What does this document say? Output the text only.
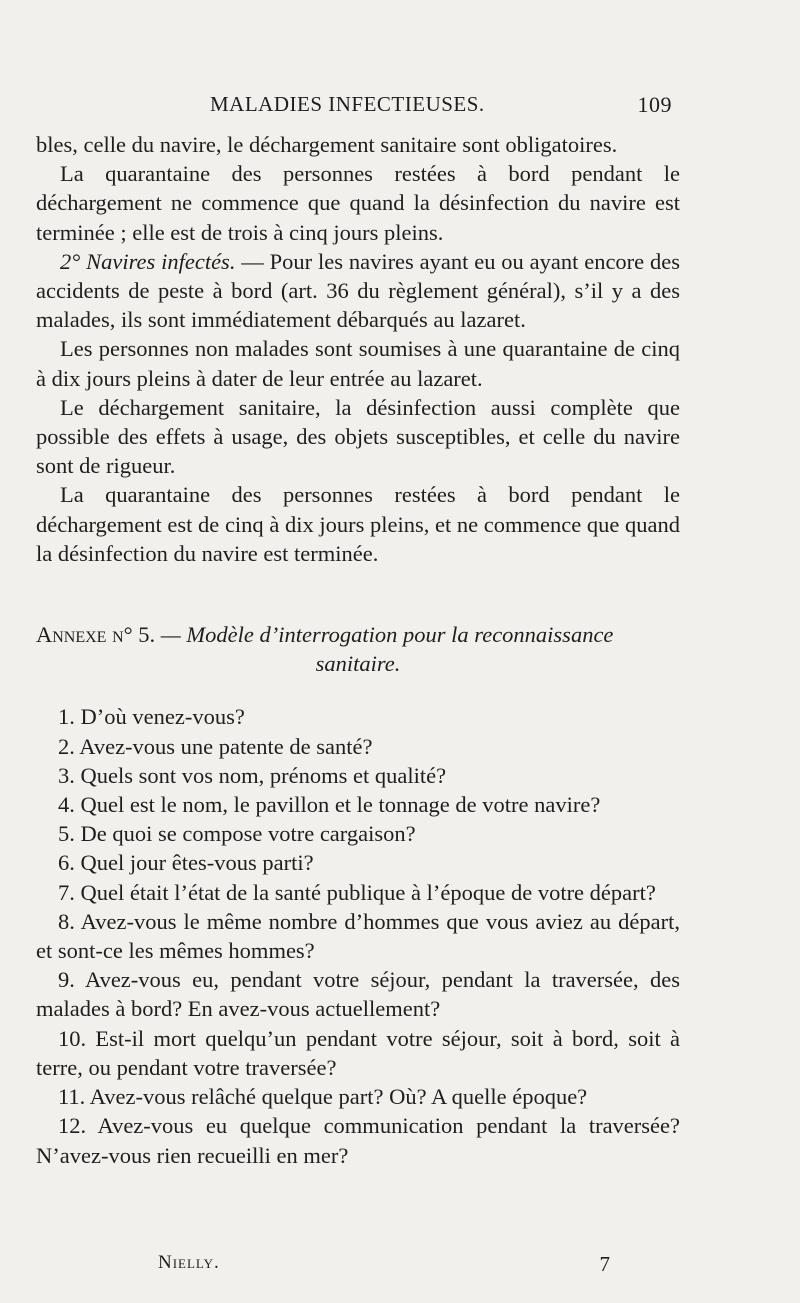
MALADIES INFECTIEUSES.	109

bles, celle du navire, le déchargement sanitaire sont obligatoires.

La quarantaine des personnes restées à bord pendant le déchargement ne commence que quand la désinfection du navire est terminée ; elle est de trois à cinq jours pleins.

2° Navires infectés. — Pour les navires ayant eu ou ayant encore des accidents de peste à bord (art. 36 du règlement général), s’il y a des malades, ils sont immédiatement débarqués au lazaret.

Les personnes non malades sont soumises à une quarantaine de cinq à dix jours pleins à dater de leur entrée au lazaret.

Le déchargement sanitaire, la désinfection aussi complète que possible des effets à usage, des objets susceptibles, et celle du navire sont de rigueur.

La quarantaine des personnes restées à bord pendant le déchargement est de cinq à dix jours pleins, et ne commence que quand la désinfection du navire est terminée.

Annexe n° 5. — Modèle d’interrogation pour la reconnaissance

sanitaire.

1. D’où venez-vous?

2. Avez-vous une patente de santé?

3. Quels sont vos nom, prénoms et qualité?

4. Quel est le nom, le pavillon et le tonnage de votre navire?

5. De quoi se compose votre cargaison?

6. Quel jour êtes-vous parti?

7. Quel était l’état de la santé publique à l’époque de votre départ?

8. Avez-vous le même nombre d’hommes que vous aviez au départ, et sont-ce les mêmes hommes?

9. Avez-vous eu, pendant votre séjour, pendant la traversée, des malades à bord? En avez-vous actuellement?

10. Est-il mort quelqu’un pendant votre séjour, soit à bord, soit à terre, ou pendant votre traversée?

11. Avez-vous relâché quelque part? Où? A quelle époque?

12. Avez-vous eu quelque communication pendant la traversée? N’avez-vous rien recueilli en mer?

Nielly.	7
